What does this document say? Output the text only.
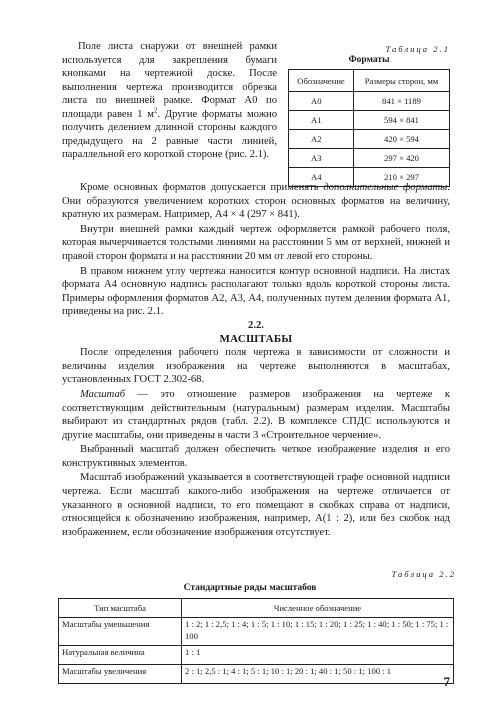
Поле листа снаружи от внешней рамки используется для закрепления бумаги кнопками на чертежной доске. После выполнения чертежа производится обрезка листа по внешней рамке. Формат А0 по площади равен 1 $м^2$. Другие форматы можно получить делением длинной стороны каждого предыдущего на 2 равные части линией, параллельной его короткой стороне (рис. 2.1).

Таблица 2.1

Форматы

Обозначение	Размеры сторон, мм
А0	841 × 1189
А1	594 × 841
А2	420 × 594
А3	297 × 420
А4	210 × 297

Кроме основных форматов допускается применять дополнительные форматы. Они образуются увеличением коротких сторон основных форматов на величину, кратную их размерам. Например, А4 × 4 (297 × 841).

Внутри внешней рамки каждый чертеж оформляется рамкой рабочего поля, которая вычерчивается толстыми линиями на расстоянии 5 мм от верхней, нижней и правой сторон формата и на расстоянии 20 мм от левой его стороны.

В правом нижнем углу чертежа наносится контур основной надписи. На листах формата А4 основную надпись располагают только вдоль короткой стороны листа. Примеры оформления форматов А2, А3, А4, полученных путем деления формата А1, приведены на рис. 2.1.

2.2.

МАСШТАБЫ

После определения рабочего поля чертежа в зависимости от сложности и величины изделия изображения на чертеже выполняются в масштабах, установленных ГОСТ 2.302-68.

Масштаб — это отношение размеров изображения на чертеже к соответствующим действительным (натуральным) размерам изделия. Масштабы выбирают из стандартных рядов (табл. 2.2). В комплексе СПДС используются и другие масштабы, они приведены в части 3 «Строительное черчение».

Выбранный масштаб должен обеспечить четкое изображение изделия и его конструктивных элементов.

Масштаб изображений указывается в соответствующей графе основной надписи чертежа. Если масштаб какого-либо изображения на чертеже отличается от указанного в основной надписи, то его помещают в скобках справа от надписи, относящейся к обозначению изображения, например, А(1 : 2), или без скобок над изображением, если обозначение изображения отсутствует.

Таблица 2.2
Стандартные ряды масштабов
Тип масштаба	Численное обозначение
Масштабы уменьшения	1 : 2; 1 : 2,5; 1 : 4; 1 : 5; 1 : 10; 1 : 15; 1 : 20; 1 : 25; 1 : 40; 1 : 50; 1 : 75; 1 : 100
Натуральная величина	1 : 1
Масштабы увеличения	2 : 1; 2,5 : 1; 4 : 1; 5 : 1; 10 : 1; 20 : 1; 40 : 1; 50 : 1; 100 : 1
7
